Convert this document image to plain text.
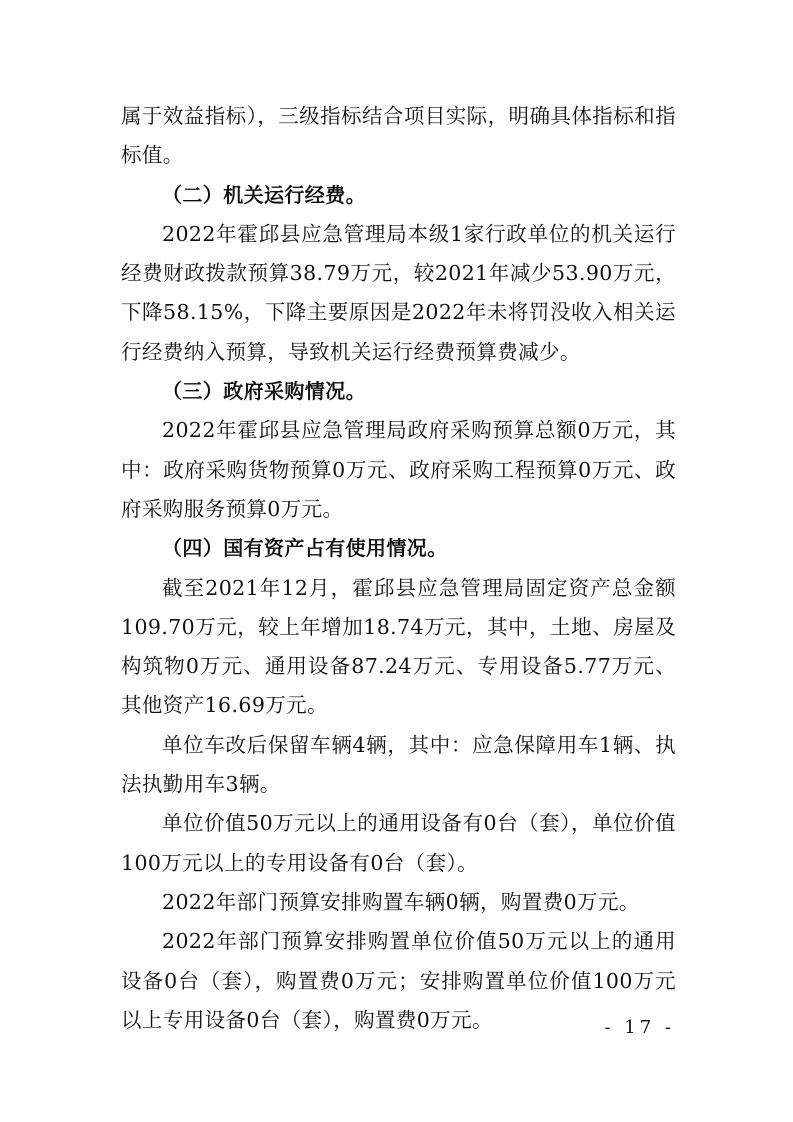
属于效益指标），三级指标结合项目实际，明确具体指标和指标值。

（二）机关运行经费。

2022年霍邱县应急管理局本级1家行政单位的机关运行经费财政拨款预算38.79万元，较2021年减少53.90万元，下降58.15%，下降主要原因是2022年未将罚没收入相关运行经费纳入预算，导致机关运行经费预算费减少。

（三）政府采购情况。

2022年霍邱县应急管理局政府采购预算总额0万元，其中：政府采购货物预算0万元、政府采购工程预算0万元、政府采购服务预算0万元。

（四）国有资产占有使用情况。

截至2021年12月，霍邱县应急管理局固定资产总金额109.70万元，较上年增加18.74万元，其中，土地、房屋及构筑物0万元、通用设备87.24万元、专用设备5.77万元、其他资产16.69万元。

单位车改后保留车辆4辆，其中：应急保障用车1辆、执法执勤用车3辆。

单位价值50万元以上的通用设备有0台（套），单位价值100万元以上的专用设备有0台（套）。

2022年部门预算安排购置车辆0辆，购置费0万元。

2022年部门预算安排购置单位价值50万元以上的通用设备0台（套），购置费0万元；安排购置单位价值100万元以上专用设备0台（套），购置费0万元。	- 17 -
